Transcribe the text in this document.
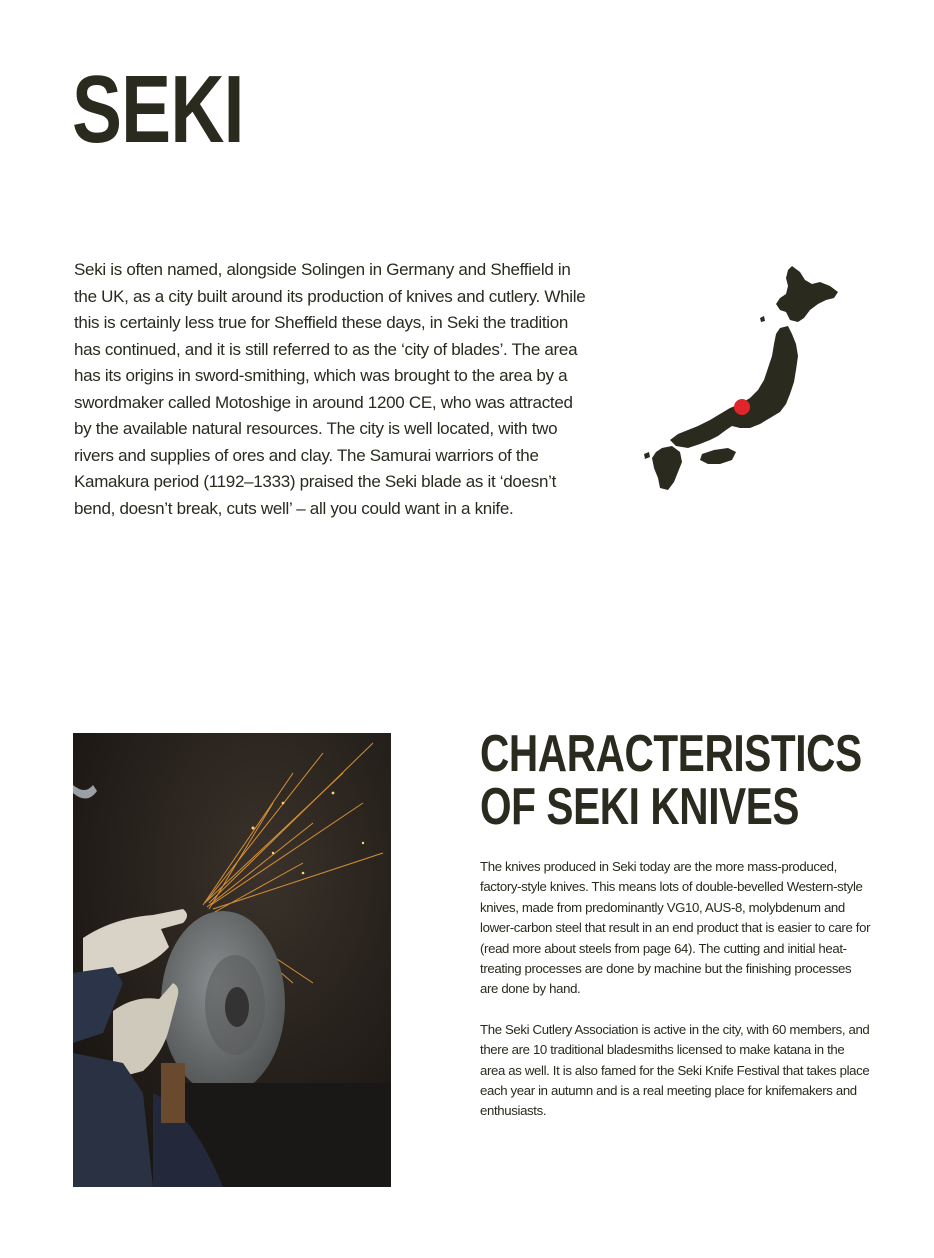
SEKI

Seki is often named, alongside Solingen in Germany and Sheffield in the UK, as a city built around its production of knives and cutlery. While this is certainly less true for Sheffield these days, in Seki the tradition has continued, and it is still referred to as the ‘city of blades’. The area has its origins in sword-smithing, which was brought to the area by a swordmaker called Motoshige in around 1200 CE, who was attracted by the available natural resources. The city is well located, with two rivers and supplies of ores and clay. The Samurai warriors of the Kamakura period (1192–1333) praised the Seki blade as it ‘doesn’t bend, doesn’t break, cuts well’ – all you could want in a knife.

CHARACTERISTICS
OF SEKI KNIVES

The knives produced in Seki today are the more mass-produced, factory-style knives. This means lots of double-bevelled Western-style knives, made from predominantly VG10, AUS-8, molybdenum and lower-carbon steel that result in an end product that is easier to care for (read more about steels from page 64). The cutting and initial heat-treating processes are done by machine but the finishing processes are done by hand.

The Seki Cutlery Association is active in the city, with 60 members, and there are 10 traditional bladesmiths licensed to make katana in the area as well. It is also famed for the Seki Knife Festival that takes place each year in autumn and is a real meeting place for knifemakers and enthusiasts.
